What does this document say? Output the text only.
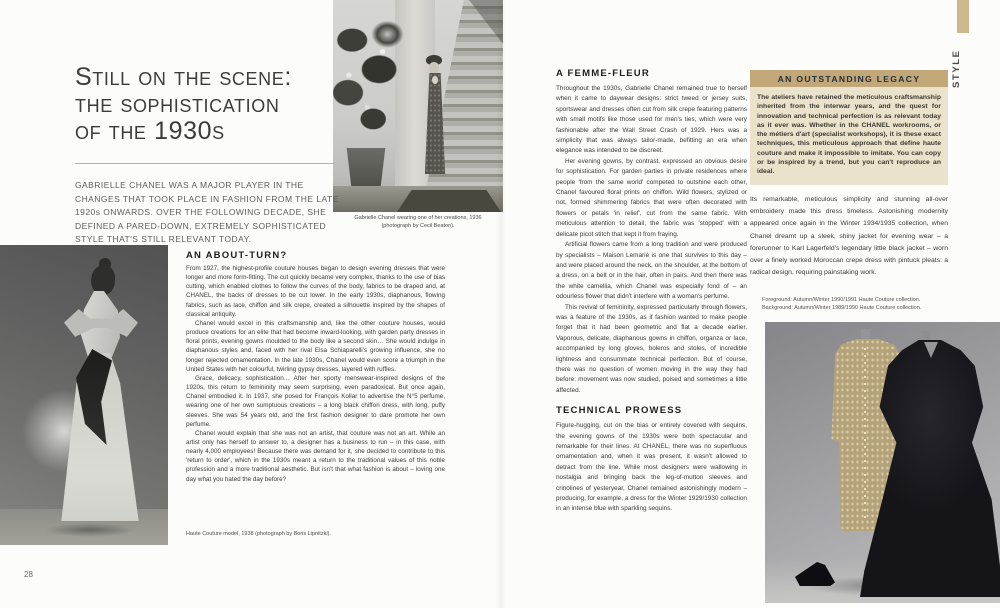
Gabrielle Chanel wearing one of her creations, 1936
(photograph by Cecil Beaton).
Still on the scene:
the sophistication
of the 1930s

GABRIELLE CHANEL WAS A MAJOR PLAYER IN THE CHANGES THAT TOOK PLACE IN FASHION FROM THE LATE 1920s ONWARDS. OVER THE FOLLOWING DECADE, SHE DEFINED A PARED-DOWN, EXTREMELY SOPHISTICATED STYLE THAT'S STILL RELEVANT TODAY.

AN ABOUT-TURN?

From 1927, the highest-profile couture houses began to design evening dresses that were longer and more form-fitting. The cut quickly became very complex, thanks to the use of bias cutting, which enabled clothes to follow the curves of the body, fabrics to be draped and, at CHANEL, the backs of dresses to be cut lower. In the early 1930s, diaphanous, flowing fabrics, such as lace, chiffon and silk crepe, created a silhouette inspired by the shapes of classical antiquity.

Chanel would excel in this craftsmanship and, like the other couture houses, would produce creations for an elite that had become inward-looking, with garden party dresses in floral prints, evening gowns moulded to the body like a second skin… She would indulge in diaphanous styles and, faced with her rival Elsa Schiaparelli's growing influence, she no longer rejected ornamentation. In the late 1930s, Chanel would even score a triumph in the United States with her colourful, twirling gypsy dresses, layered with ruffles.

Grace, delicacy, sophistication… After her sporty menswear-inspired designs of the 1920s, this return to femininity may seem surprising, even paradoxical. But once again, Chanel embodied it. In 1937, she posed for François Kollar to advertise the N°5 perfume, wearing one of her own sumptuous creations – a long black chiffon dress, with long, puffy sleeves. She was 54 years old, and the first fashion designer to dare promote her own perfume.

Chanel would explain that she was not an artist, that couture was not an art. While an artist only has herself to answer to, a designer has a business to run – in this case, with nearly 4,000 employees! Because there was demand for it, she decided to contribute to this 'return to order', which in the 1930s meant a return to the traditional values of this noble profession and a more traditional aesthetic. But isn't that what fashion is about – loving one day what you hated the day before?

Haute Couture model, 1938 (photograph by Boris Lipnitzki).

28
A FEMME-FLEUR

Throughout the 1930s, Gabrielle Chanel remained true to herself when it came to daywear designs: strict tweed or jersey suits, sportswear and dresses often cut from silk crepe featuring patterns with small motifs like those used for men's ties, which were very fashionable after the Wall Street Crash of 1929. Hers was a simplicity that was always tailor-made, befitting an era when elegance was intended to be discreet.

Her evening gowns, by contrast, expressed an obvious desire for sophistication. For garden parties in private residences where people 'from the same world' competed to outshine each other, Chanel favoured floral prints on chiffon. Wild flowers, stylized or not, formed shimmering fabrics that were often decorated with flowers or petals 'in relief', cut from the same fabric. With meticulous attention to detail, the fabric was 'stopped' with a delicate picot stitch that kept it from fraying.

Artificial flowers came from a long tradition and were produced by specialists – Maison Lemarié is one that survives to this day – and were placed around the neck, on the shoulder, at the bottom of a dress, on a belt or in the hair, often in pairs. And then there was the white camellia, which Chanel was especially fond of – an odourless flower that didn't interfere with a woman's perfume.

This revival of femininity, expressed particularly through flowers, was a feature of the 1930s, as if fashion wanted to make people forget that it had been geometric and flat a decade earlier. Vaporous, delicate, diaphanous gowns in chiffon, organza or lace, accompanied by long gloves, boleros and stoles, of incredible lightness and consummate technical perfection. But of course, there was no question of women moving in the way they had before: movement was now studied, poised and sometimes a little affected.

TECHNICAL PROWESS

Figure-hugging, cut on the bias or entirely covered with sequins, the evening gowns of the 1930s were both spectacular and remarkable for their lines. At CHANEL, there was no superfluous ornamentation and, when it was present, it wasn't allowed to detract from the line. While most designers were wallowing in nostalgia and bringing back the leg-of-mutton sleeves and crinolines of yesteryear, Chanel remained astonishingly modern – producing, for example, a dress for the Winter 1929/1930 collection in an intense blue with sparkling sequins.

AN OUTSTANDING LEGACY
The ateliers have retained the meticulous craftsmanship inherited from the interwar years, and the quest for innovation and technical perfection is as relevant today as it ever was. Whether in the CHANEL workrooms, or the métiers d'art (specialist workshops), it is these exact techniques, this meticulous approach that define haute couture and make it impossible to imitate. You can copy or be inspired by a trend, but you can't reproduce an ideal.

Its remarkable, meticulous simplicity and stunning all-over embroidery made this dress timeless. Astonishing modernity appeared once again in the Winter 1934/1935 collection, when Chanel dreamt up a sleek, shiny jacket for evening wear – a forerunner to Karl Lagerfeld's legendary little black jacket – worn over a finely worked Moroccan crepe dress with pintuck pleats: a radical design, requiring painstaking work.

Foreground: Autumn/Winter 1990/1991 Haute Couture collection.
Background: Autumn/Winter 1989/1990 Haute Couture collection.
STYLE
